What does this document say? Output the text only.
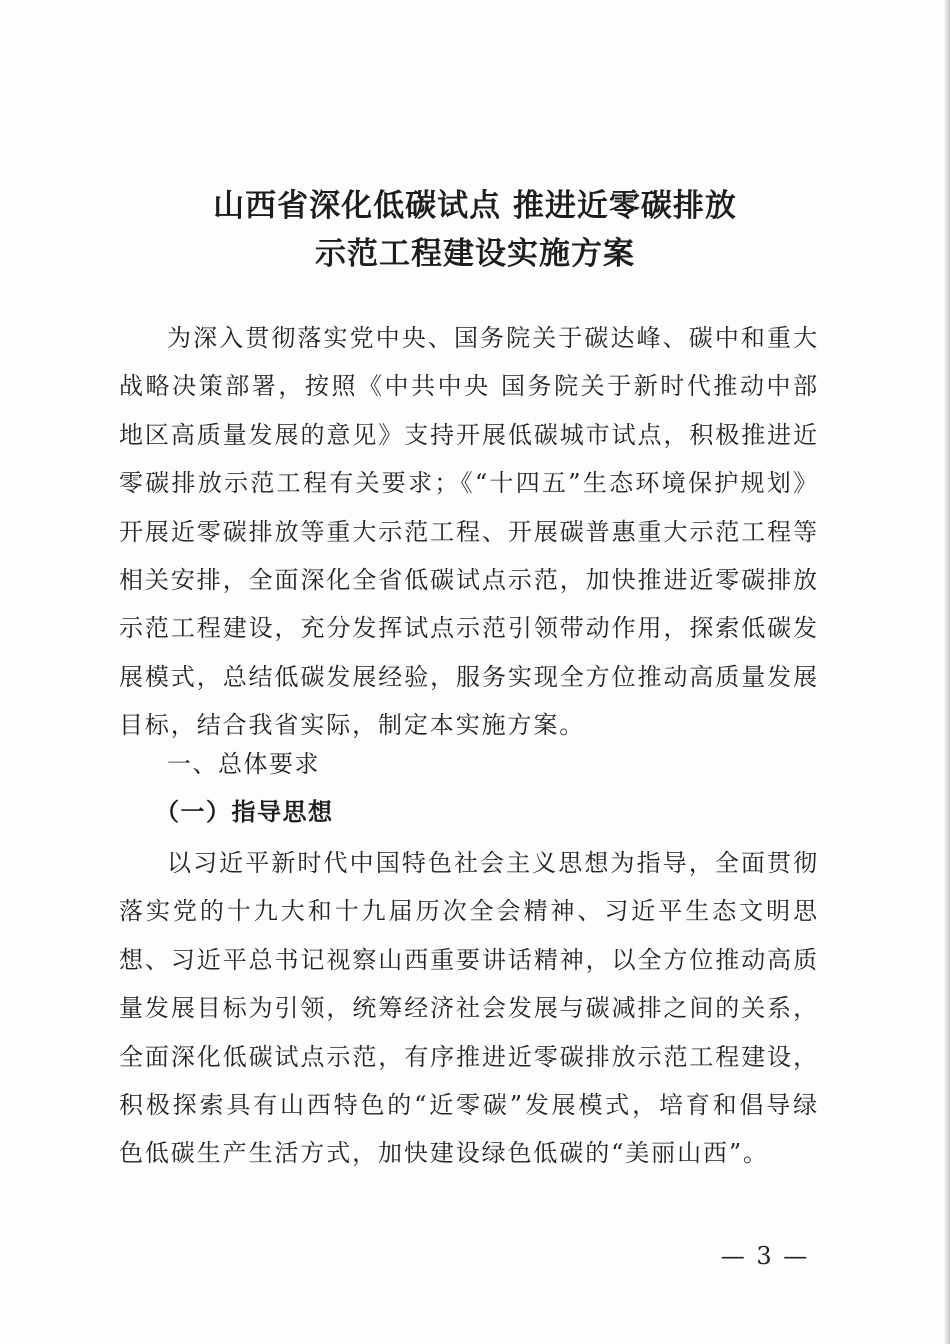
山西省深化低碳试点 推进近零碳排放
示范工程建设实施方案

为深入贯彻落实党中央、国务院关于碳达峰、碳中和重大战略决策部署，按照《中共中央 国务院关于新时代推动中部地区高质量发展的意见》支持开展低碳城市试点，积极推进近零碳排放示范工程有关要求；《“十四五”生态环境保护规划》开展近零碳排放等重大示范工程、开展碳普惠重大示范工程等相关安排，全面深化全省低碳试点示范，加快推进近零碳排放示范工程建设，充分发挥试点示范引领带动作用，探索低碳发展模式，总结低碳发展经验，服务实现全方位推动高质量发展目标，结合我省实际，制定本实施方案。

一、总体要求
（一）指导思想

以习近平新时代中国特色社会主义思想为指导，全面贯彻落实党的十九大和十九届历次全会精神、习近平生态文明思想、习近平总书记视察山西重要讲话精神，以全方位推动高质量发展目标为引领，统筹经济社会发展与碳减排之间的关系，全面深化低碳试点示范，有序推进近零碳排放示范工程建设，积极探索具有山西特色的“近零碳”发展模式，培育和倡导绿色低碳生产生活方式，加快建设绿色低碳的“美丽山西”。

— 3 —
